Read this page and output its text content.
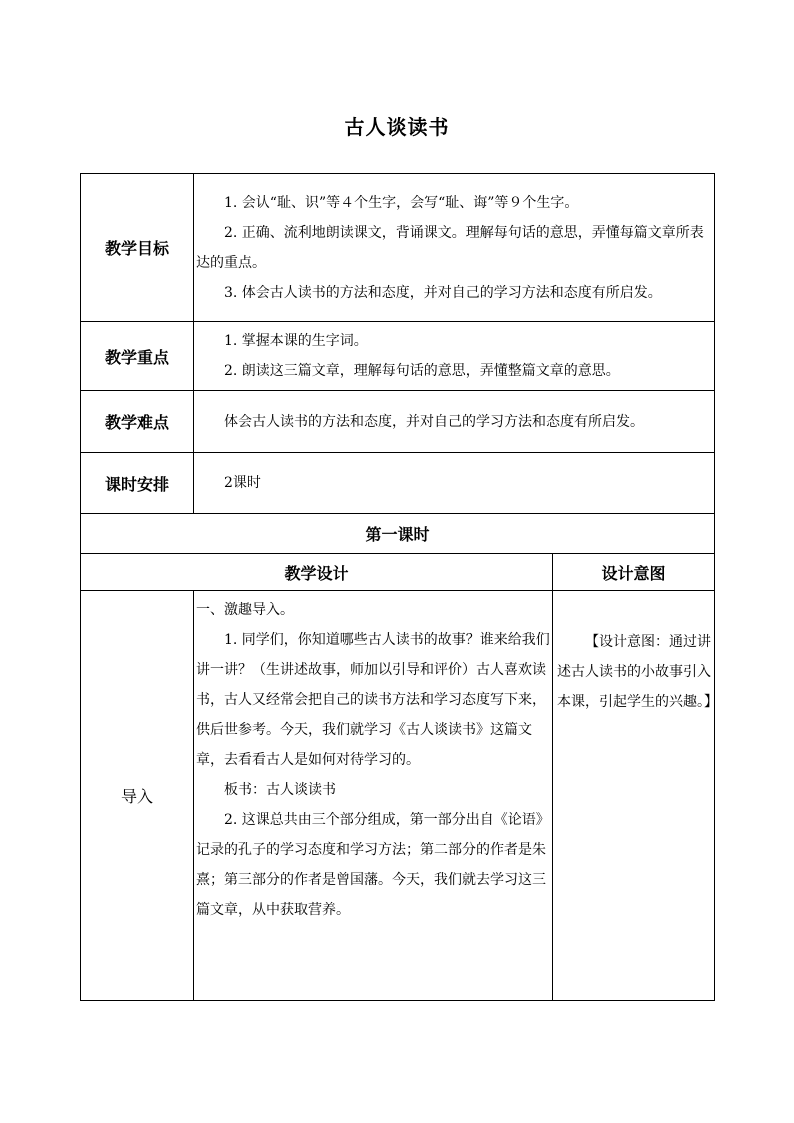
古人谈读书
教学目标	1. 会认“耻、识”等４个生字，会写“耻、诲”等９个生字。

2. 正确、流利地朗读课文，背诵课文。理解每句话的意思，弄懂每篇文章所表达的重点。

3. 体会古人读书的方法和态度，并对自己的学习方法和态度有所启发。	

教学重点	1. 掌握本课的生字词。

2. 朗读这三篇文章，理解每句话的意思，弄懂整篇文章的意思。	

教学难点	体会古人读书的方法和态度，并对自己的学习方法和态度有所启发。	

课时安排	2课时	

第一课时		
教学设计		设计意图
导入	一、激趣导入。

1. 同学们，你知道哪些古人读书的故事？谁来给我们讲一讲？（生讲述故事，师加以引导和评价）古人喜欢读书，古人又经常会把自己的读书方法和学习态度写下来，供后世参考。今天，我们就学习《古人谈读书》这篇文章，去看看古人是如何对待学习的。

板书：古人谈读书

2. 这课总共由三个部分组成，第一部分出自《论语》记录的孔子的学习态度和学习方法；第二部分的作者是朱熹；第三部分的作者是曾国藩。今天，我们就去学习这三篇文章，从中获取营养。	【设计意图：通过讲述古人读书的小故事引入本课，引起学生的兴趣。】
